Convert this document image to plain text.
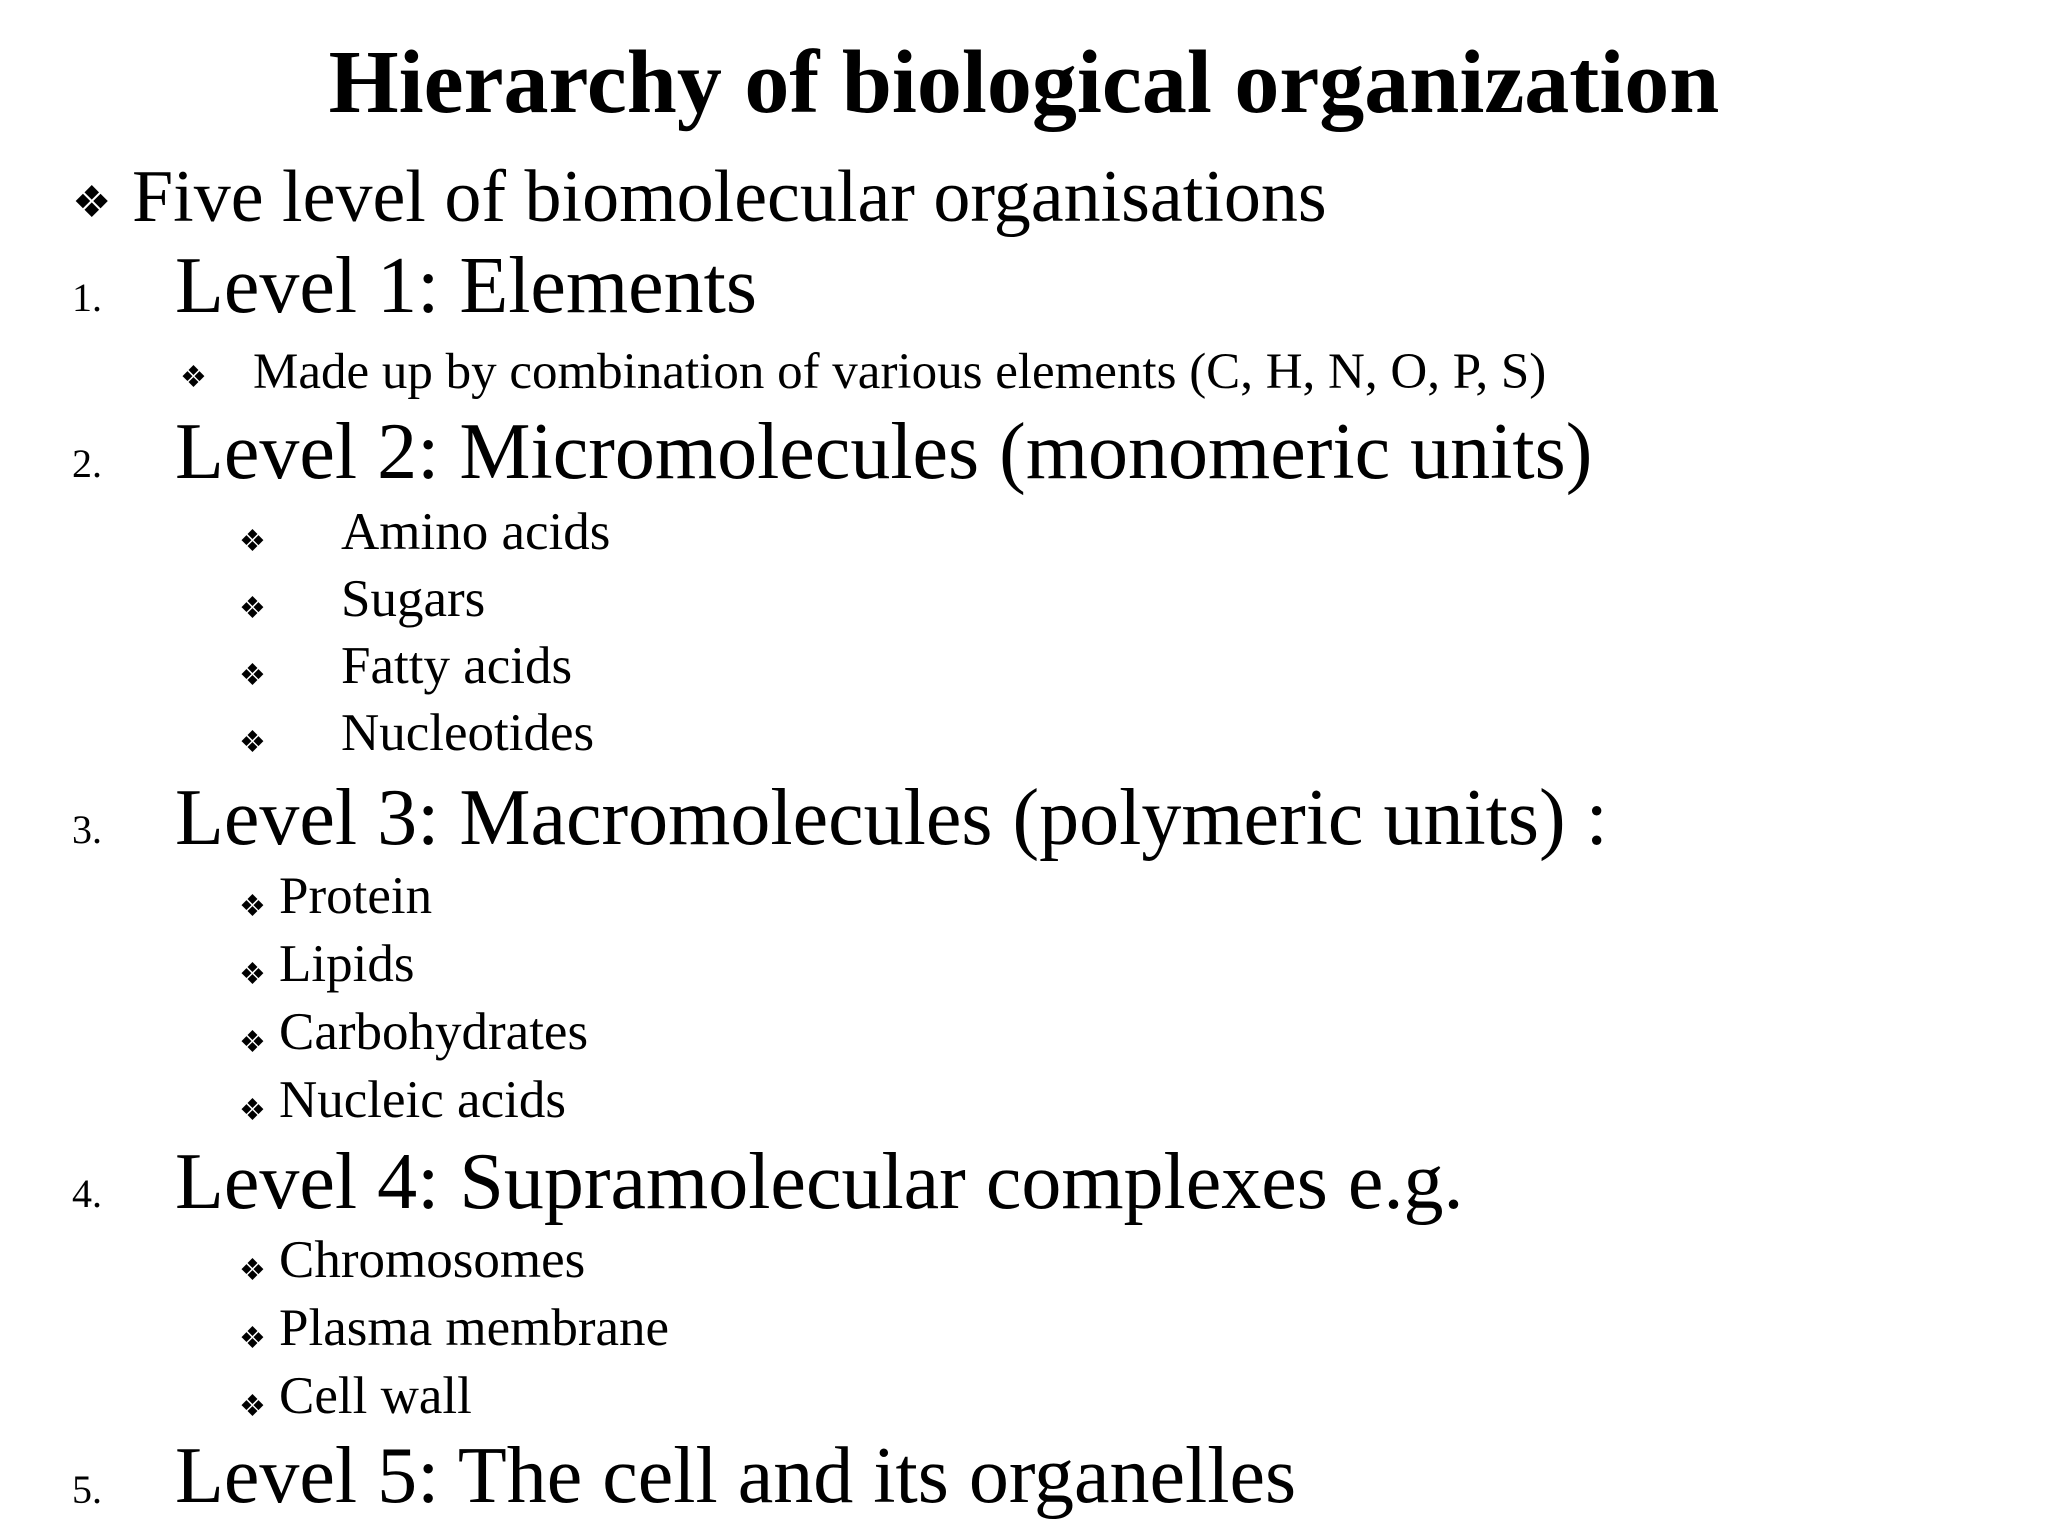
Hierarchy of biological organization
❖ Five level of biomolecular organisations
1. Level 1: Elements
❖ Made up by combination of various elements (C, H, N, O, P, S)
2. Level 2: Micromolecules (monomeric units)
❖ Amino acids
❖ Sugars
❖ Fatty acids
❖ Nucleotides
3. Level 3: Macromolecules (polymeric units) :
❖ Protein
❖ Lipids
❖ Carbohydrates
❖ Nucleic acids
4. Level 4: Supramolecular complexes e.g.
❖ Chromosomes
❖ Plasma membrane
❖ Cell wall
5. Level 5: The cell and its organelles
